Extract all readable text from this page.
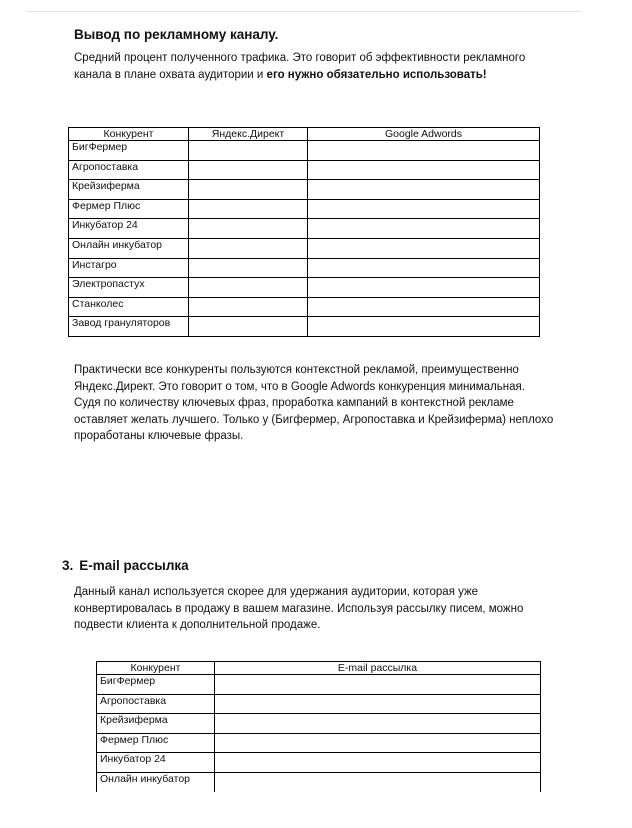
Вывод по рекламному каналу.

Средний процент полученного трафика. Это говорит об эффективности рекламного канала в плане охвата аудитории и его нужно обязательно использовать!

Конкурент	Яндекс.Директ	Google Adwords
БигФермер		
Агропоставка		
Крейзиферма		
Фермер Плюс		
Инкубатор 24		
Онлайн инкубатор		
Инстагро		
Электропастух		
Станколес		
Завод грануляторов		

Практически все конкуренты пользуются контекстной рекламой, преимущественно Яндекс.Директ. Это говорит о том, что в Google Adwords конкуренция минимальная. Судя по количеству ключевых фраз, проработка кампаний в контекстной рекламе оставляет желать лучшего. Только у (Бигфермер, Агропоставка и Крейзиферма) неплохо проработаны ключевые фразы.

3. E-mail рассылка

Данный канал используется скорее для удержания аудитории, которая уже конвертировалась в продажу в вашем магазине. Используя рассылку писем, можно подвести клиента к дополнительной продаже.

Конкурент	E-mail рассылка
БигФермер	
Агропоставка	
Крейзиферма	
Фермер Плюс	
Инкубатор 24	
Онлайн инкубатор	
